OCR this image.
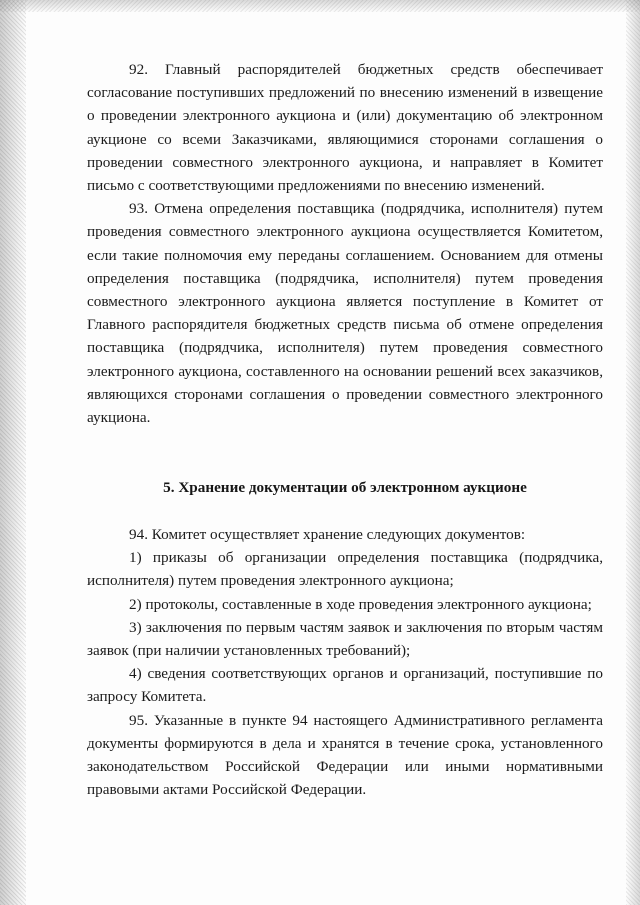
92. Главный распорядителей бюджетных средств обеспечивает согласование поступивших предложений по внесению изменений в извещение о проведении электронного аукциона и (или) документацию об электронном аукционе со всеми Заказчиками, являющимися сторонами соглашения о проведении совместного электронного аукциона, и направляет в Комитет письмо с соответствующими предложениями по внесению изменений.

93. Отмена определения поставщика (подрядчика, исполнителя) путем проведения совместного электронного аукциона осуществляется Комитетом, если такие полномочия ему переданы соглашением. Основанием для отмены определения поставщика (подрядчика, исполнителя) путем проведения совместного электронного аукциона является поступление в Комитет от Главного распорядителя бюджетных средств письма об отмене определения поставщика (подрядчика, исполнителя) путем проведения совместного электронного аукциона, составленного на основании решений всех заказчиков, являющихся сторонами соглашения о проведении совместного электронного аукциона.

5. Хранение документации об электронном аукционе

94. Комитет осуществляет хранение следующих документов:

1) приказы об организации определения поставщика (подрядчика, исполнителя) путем проведения электронного аукциона;

2) протоколы, составленные в ходе проведения электронного аукциона;

3) заключения по первым частям заявок и заключения по вторым частям заявок (при наличии установленных требований);

4) сведения соответствующих органов и организаций, поступившие по запросу Комитета.

95. Указанные в пункте 94 настоящего Административного регламента документы формируются в дела и хранятся в течение срока, установленного законодательством Российской Федерации или иными нормативными правовыми актами Российской Федерации.
